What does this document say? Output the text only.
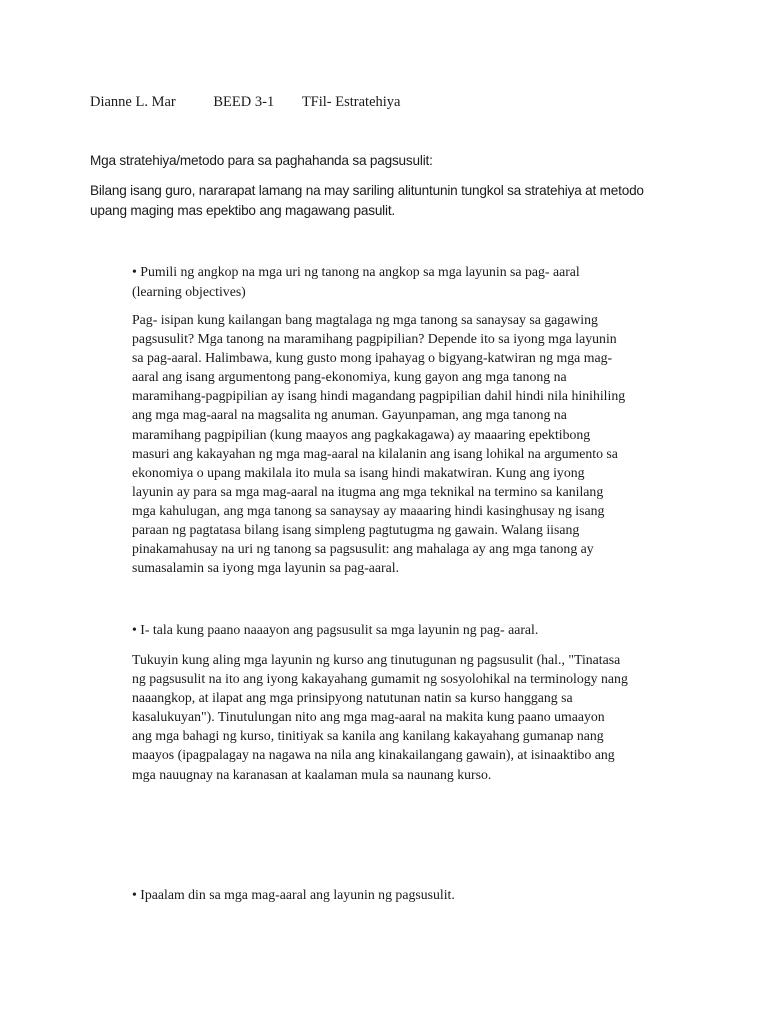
Dianne L. Mar	BEED 3-1 TFil- Estratehiya
Mga stratehiya/metodo para sa paghahanda sa pagsusulit:
Bilang isang guro, nararapat lamang na may sariling alituntunin tungkol sa stratehiya at metodo
upang maging mas epektibo ang magawang pasulit.
• Pumili ng angkop na mga uri ng tanong na angkop sa mga layunin sa pag- aaral
(learning objectives)
Pag- isipan kung kailangan bang magtalaga ng mga tanong sa sanaysay sa gagawing
pagsusulit? Mga tanong na maramihang pagpipilian? Depende ito sa iyong mga layunin
sa pag-aaral. Halimbawa, kung gusto mong ipahayag o bigyang-katwiran ng mga mag-
aaral ang isang argumentong pang-ekonomiya, kung gayon ang mga tanong na
maramihang-pagpipilian ay isang hindi magandang pagpipilian dahil hindi nila hinihiling
ang mga mag-aaral na magsalita ng anuman. Gayunpaman, ang mga tanong na
maramihang pagpipilian (kung maayos ang pagkakagawa) ay maaaring epektibong
masuri ang kakayahan ng mga mag-aaral na kilalanin ang isang lohikal na argumento sa
ekonomiya o upang makilala ito mula sa isang hindi makatwiran. Kung ang iyong
layunin ay para sa mga mag-aaral na itugma ang mga teknikal na termino sa kanilang
mga kahulugan, ang mga tanong sa sanaysay ay maaaring hindi kasinghusay ng isang
paraan ng pagtatasa bilang isang simpleng pagtutugma ng gawain. Walang iisang
pinakamahusay na uri ng tanong sa pagsusulit: ang mahalaga ay ang mga tanong ay
sumasalamin sa iyong mga layunin sa pag-aaral.
• I- tala kung paano naaayon ang pagsusulit sa mga layunin ng pag- aaral.
Tukuyin kung aling mga layunin ng kurso ang tinutugunan ng pagsusulit (hal., "Tinatasa
ng pagsusulit na ito ang iyong kakayahang gumamit ng sosyolohikal na terminology nang
naaangkop, at ilapat ang mga prinsipyong natutunan natin sa kurso hanggang sa
kasalukuyan"). Tinutulungan nito ang mga mag-aaral na makita kung paano umaayon
ang mga bahagi ng kurso, tinitiyak sa kanila ang kanilang kakayahang gumanap nang
maayos (ipagpalagay na nagawa na nila ang kinakailangang gawain), at isinaaktibo ang
mga nauugnay na karanasan at kaalaman mula sa naunang kurso.
• Ipaalam din sa mga mag-aaral ang layunin ng pagsusulit.
